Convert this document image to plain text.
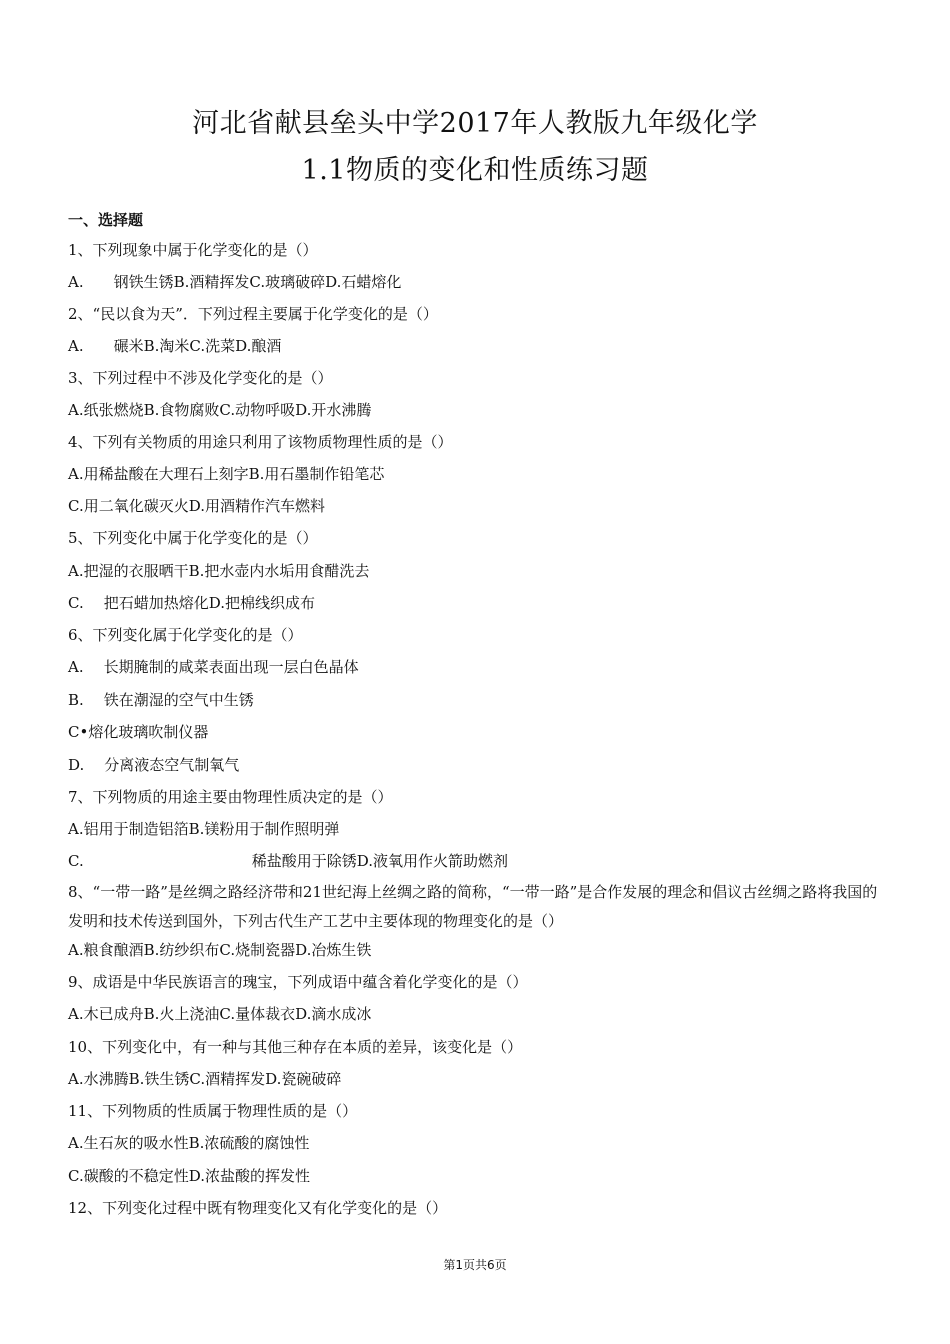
河北省献县垒头中学2017年人教版九年级化学
1.1物质的变化和性质练习题
一、选择题
1、下列现象中属于化学变化的是（）
A. 钢铁生锈B.酒精挥发C.玻璃破碎D.石蜡熔化
2、“民以食为天”．下列过程主要属于化学变化的是（）
A. 碾米B.淘米C.洗菜D.酿酒
3、下列过程中不涉及化学变化的是（）
A.纸张燃烧B.食物腐败C.动物呼吸D.开水沸腾
4、下列有关物质的用途只利用了该物质物理性质的是（）
A.用稀盐酸在大理石上刻字B.用石墨制作铅笔芯
C.用二氧化碳灭火D.用酒精作汽车燃料
5、下列变化中属于化学变化的是（）
A.把湿的衣服晒干B.把水壶内水垢用食醋洗去
C. 把石蜡加热熔化D.把棉线织成布
6、下列变化属于化学变化的是（）
A. 长期腌制的咸菜表面出现一层白色晶体
B. 铁在潮湿的空气中生锈
C•熔化玻璃吹制仪器
D. 分离液态空气制氧气
7、下列物质的用途主要由物理性质决定的是（）
A.铝用于制造铝箔B.镁粉用于制作照明弹
C.	稀盐酸用于除锈D.液氧用作火箭助燃剂
8、“一带一路”是丝绸之路经济带和21世纪海上丝绸之路的简称，“一带一路”是合作发展的理念和倡议古丝绸之路将我国的发明和技术传送到国外，下列古代生产工艺中主要体现的物理变化的是（）
A.粮食酿酒B.纺纱织布C.烧制瓷器D.冶炼生铁
9、成语是中华民族语言的瑰宝，下列成语中蕴含着化学变化的是（）
A.木已成舟B.火上浇油C.量体裁衣D.滴水成冰
10、下列变化中，有一种与其他三种存在本质的差异，该变化是（）
A.水沸腾B.铁生锈C.酒精挥发D.瓷碗破碎
11、下列物质的性质属于物理性质的是（）
A.生石灰的吸水性B.浓硫酸的腐蚀性
C.碳酸的不稳定性D.浓盐酸的挥发性
12、下列变化过程中既有物理变化又有化学变化的是（）
第1页共6页
